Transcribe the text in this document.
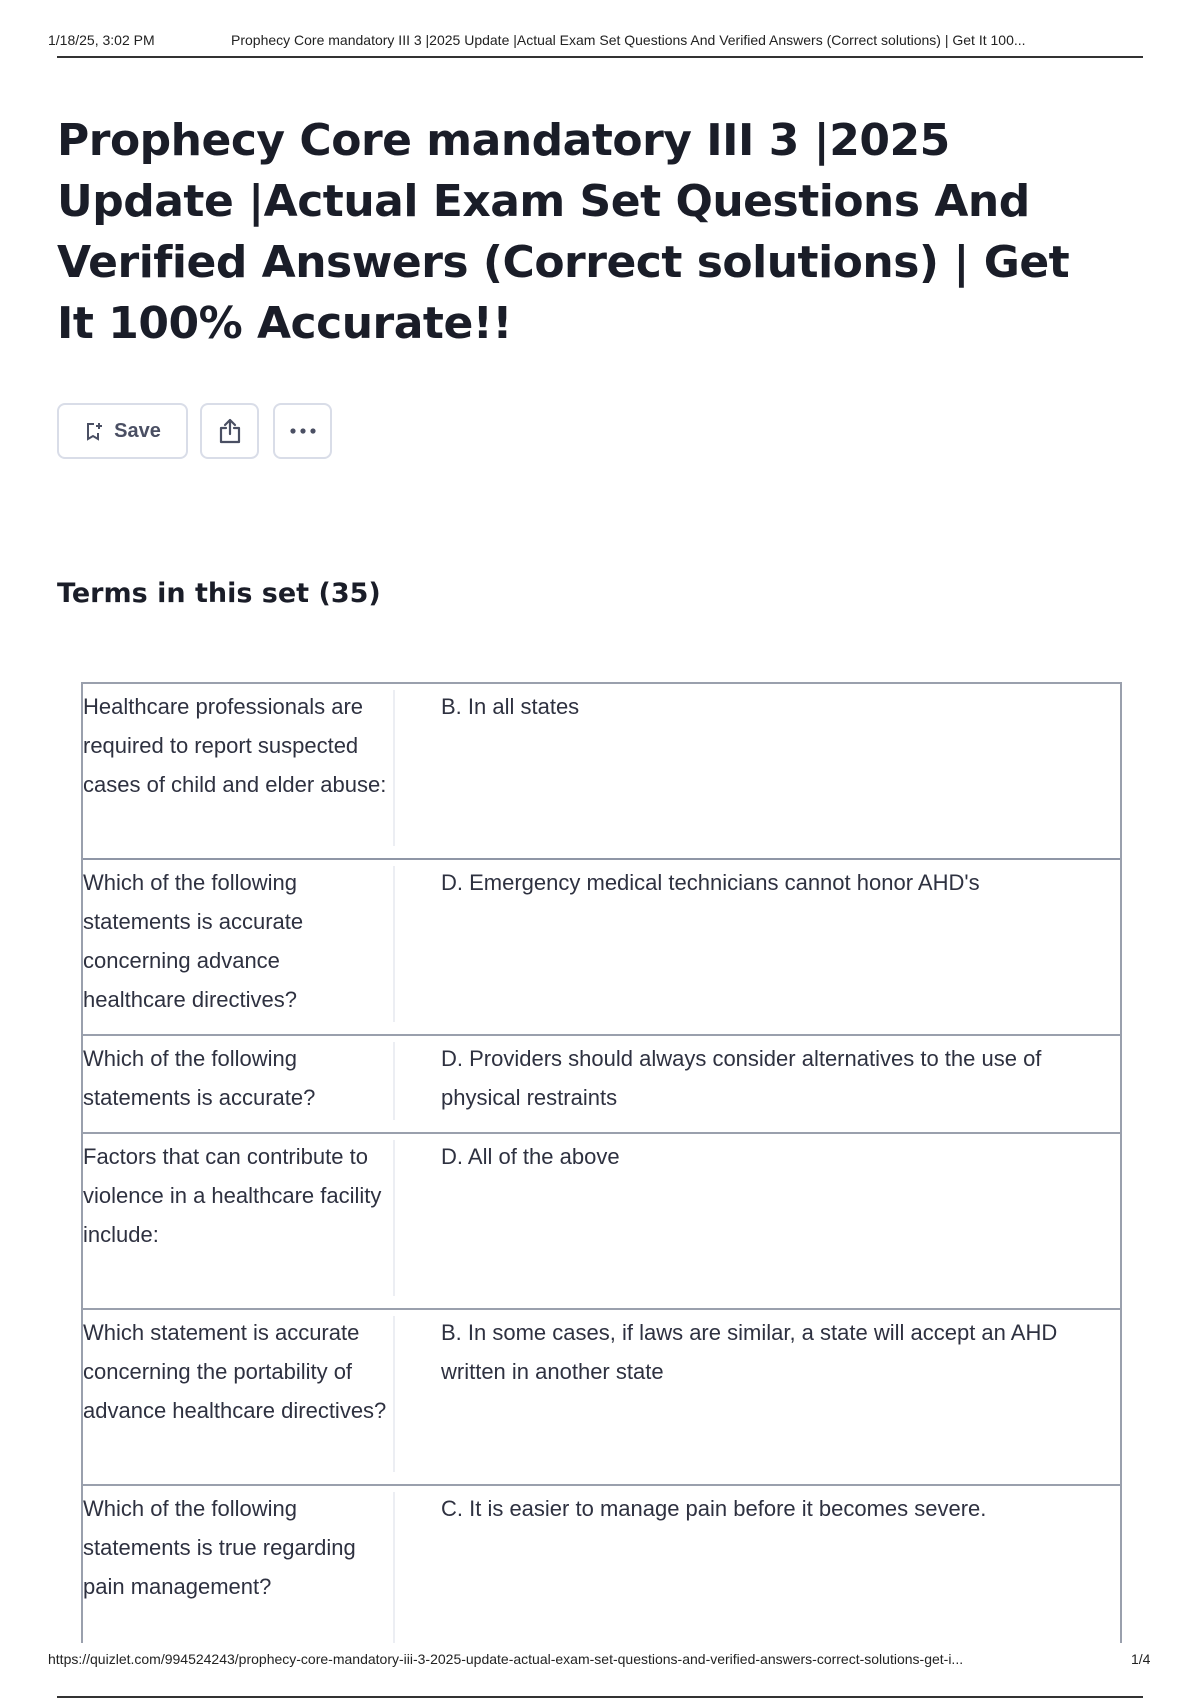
1/18/25, 3:02 PM	Prophecy Core mandatory III 3 |2025 Update |Actual Exam Set Questions And Verified Answers (Correct solutions) | Get It 100...
Prophecy Core mandatory III 3 |2025 Update |Actual Exam Set Questions And Verified Answers (Correct solutions) | Get It 100% Accurate!!
Save
Terms in this set (35)
Healthcare professionals are required to report suspected cases of child and elder abuse:
B. In all states
Which of the following statements is accurate concerning advance healthcare directives?
D. Emergency medical technicians cannot honor AHD's
Which of the following statements is accurate?
D. Providers should always consider alternatives to the use of physical restraints
Factors that can contribute to violence in a healthcare facility include:
D. All of the above
Which statement is accurate concerning the portability of advance healthcare directives?
B. In some cases, if laws are similar, a state will accept an AHD written in another state
Which of the following statements is true regarding pain management?
C. It is easier to manage pain before it becomes severe.
https://quizlet.com/994524243/prophecy-core-mandatory-iii-3-2025-update-actual-exam-set-questions-and-verified-answers-correct-solutions-get-i...	1/4
